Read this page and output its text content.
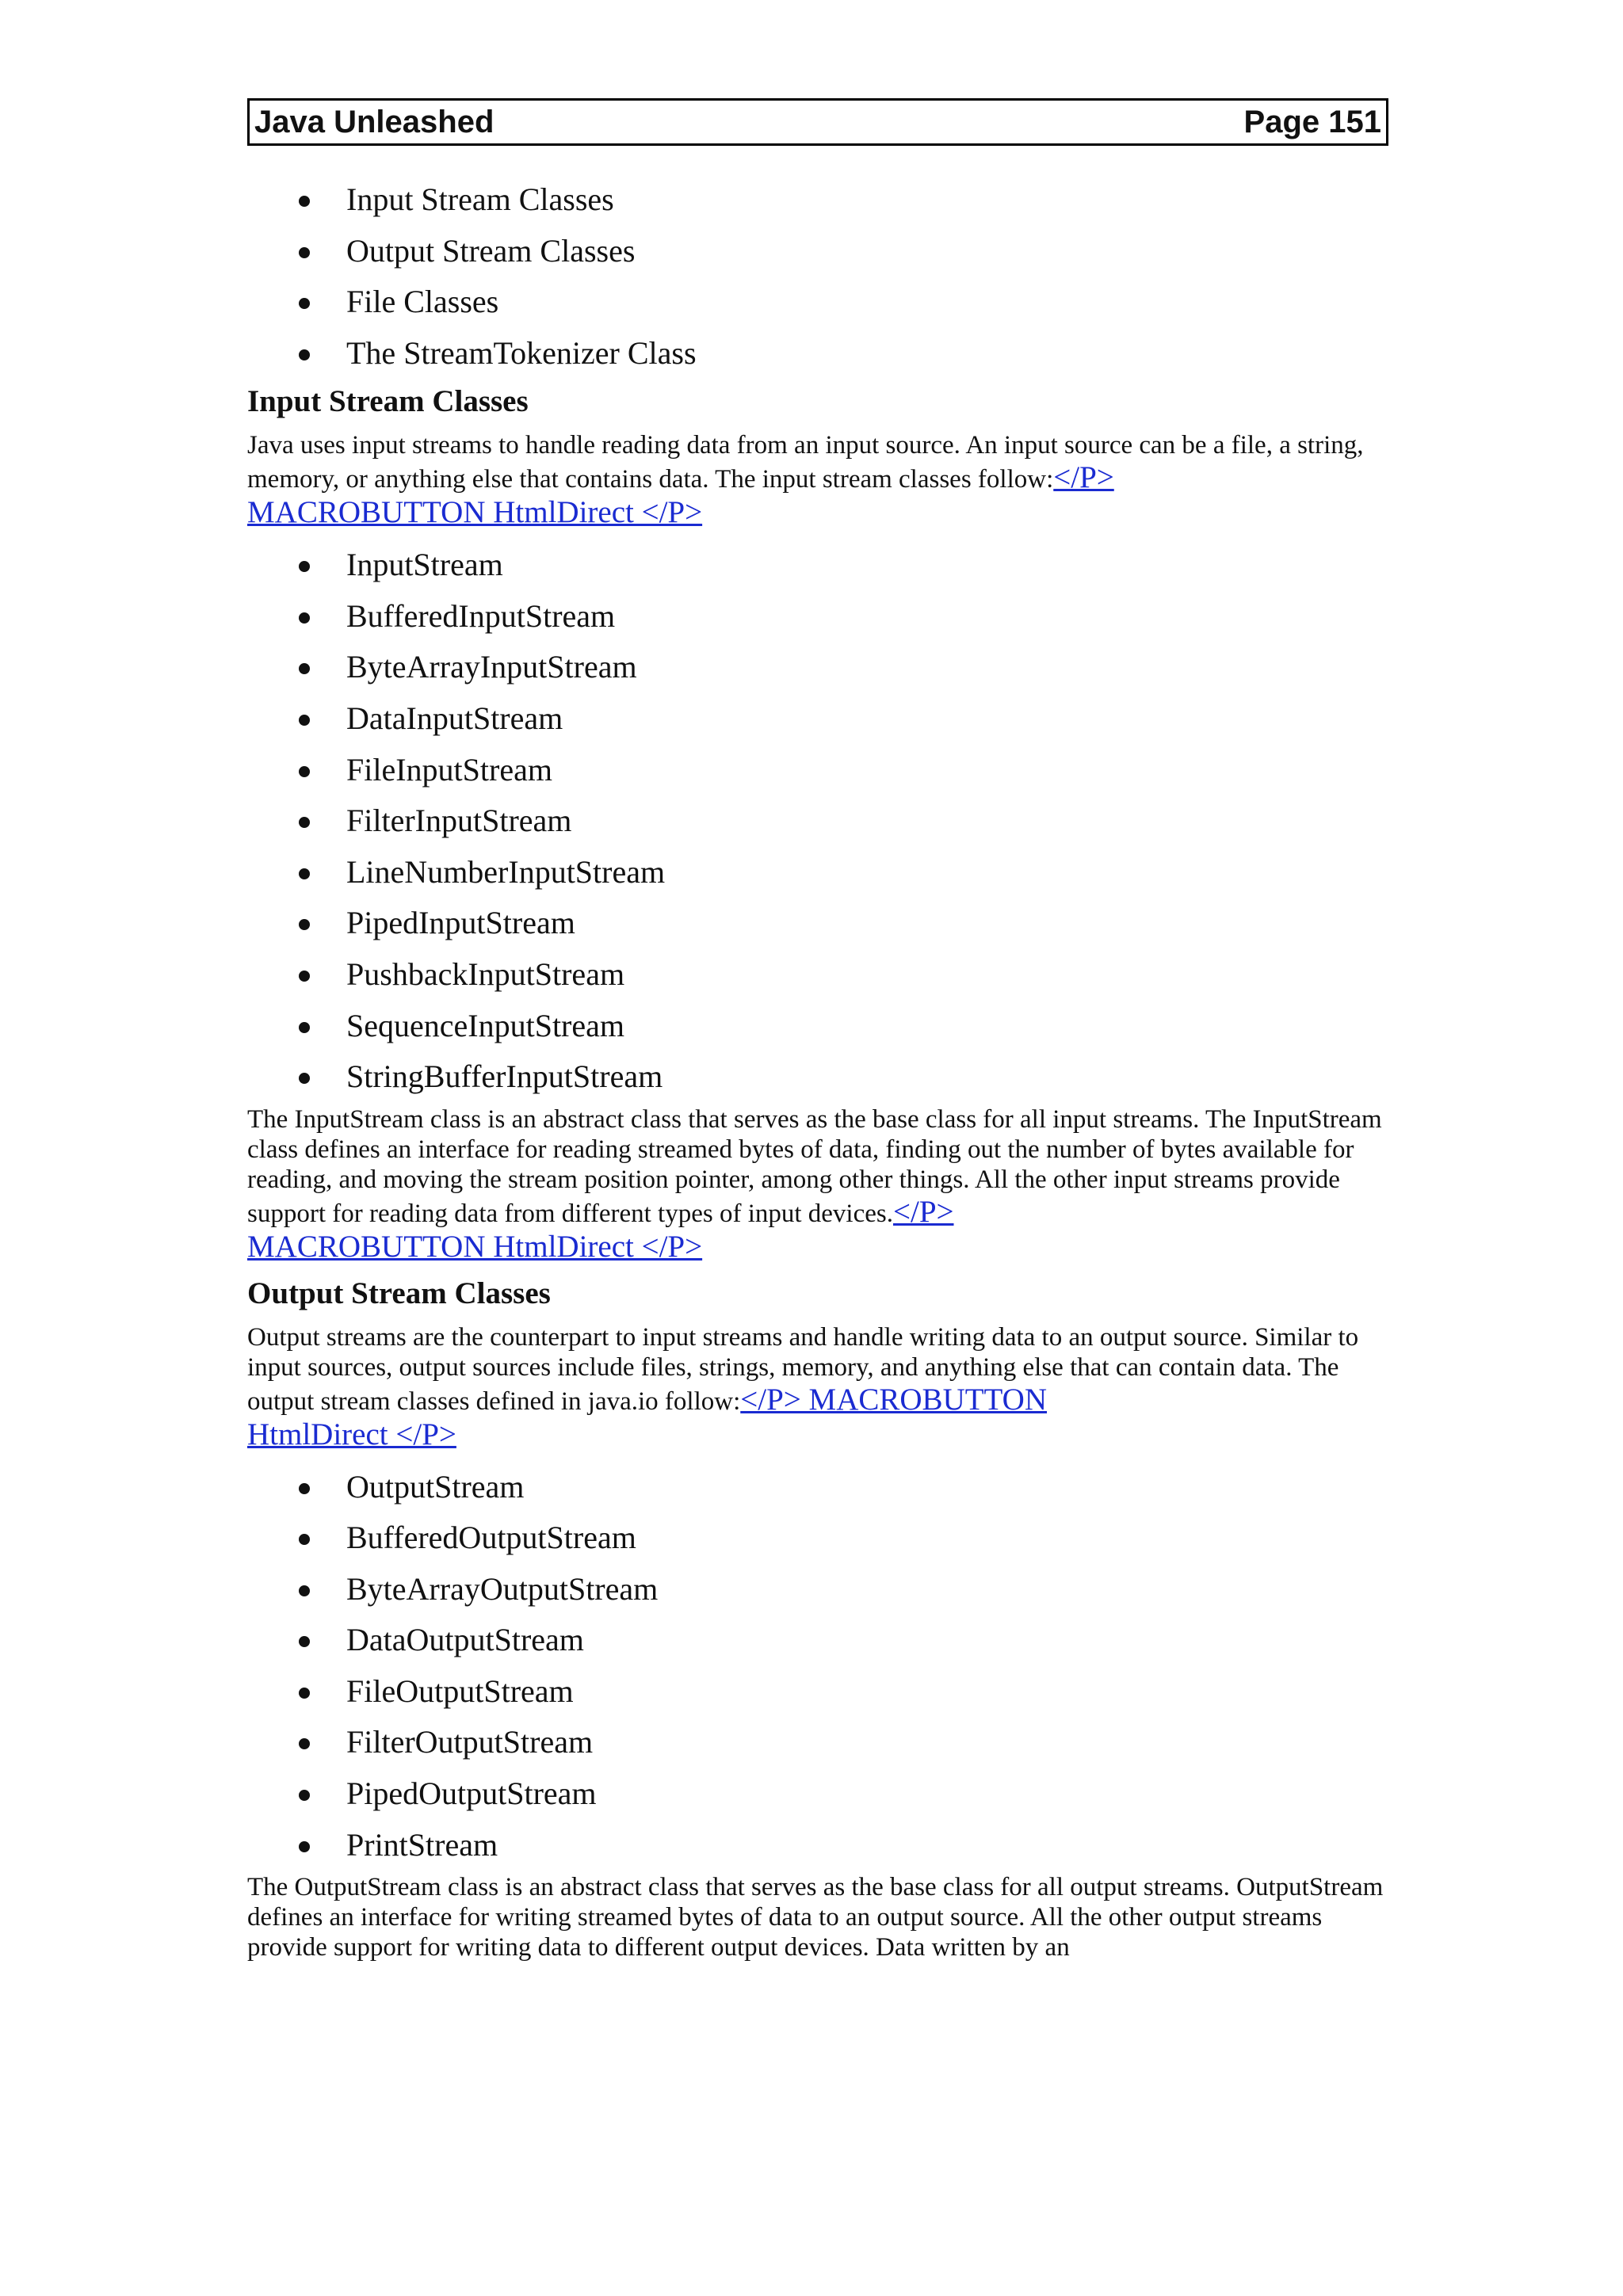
Java Unleashed	Page 151
Input Stream Classes
Output Stream Classes
File Classes
The StreamTokenizer Class
Input Stream Classes

Java uses input streams to handle reading data from an input source. An input source can be a file, a string, memory, or anything else that contains data. The input stream classes follow:</P>
MACROBUTTON HtmlDirect </P>

InputStream
BufferedInputStream
ByteArrayInputStream
DataInputStream
FileInputStream
FilterInputStream
LineNumberInputStream
PipedInputStream
PushbackInputStream
SequenceInputStream
StringBufferInputStream

The InputStream class is an abstract class that serves as the base class for all input streams. The InputStream class defines an interface for reading streamed bytes of data, finding out the number of bytes available for reading, and moving the stream position pointer, among other things. All the other input streams provide support for reading data from different types of input devices.</P>
MACROBUTTON HtmlDirect </P>

Output Stream Classes

Output streams are the counterpart to input streams and handle writing data to an output source. Similar to input sources, output sources include files, strings, memory, and anything else that can contain data. The output stream classes defined in java.io follow:</P> MACROBUTTON
HtmlDirect </P>

OutputStream
BufferedOutputStream
ByteArrayOutputStream
DataOutputStream
FileOutputStream
FilterOutputStream
PipedOutputStream
PrintStream

The OutputStream class is an abstract class that serves as the base class for all output streams. OutputStream defines an interface for writing streamed bytes of data to an output source. All the other output streams provide support for writing data to different output devices. Data written by an
